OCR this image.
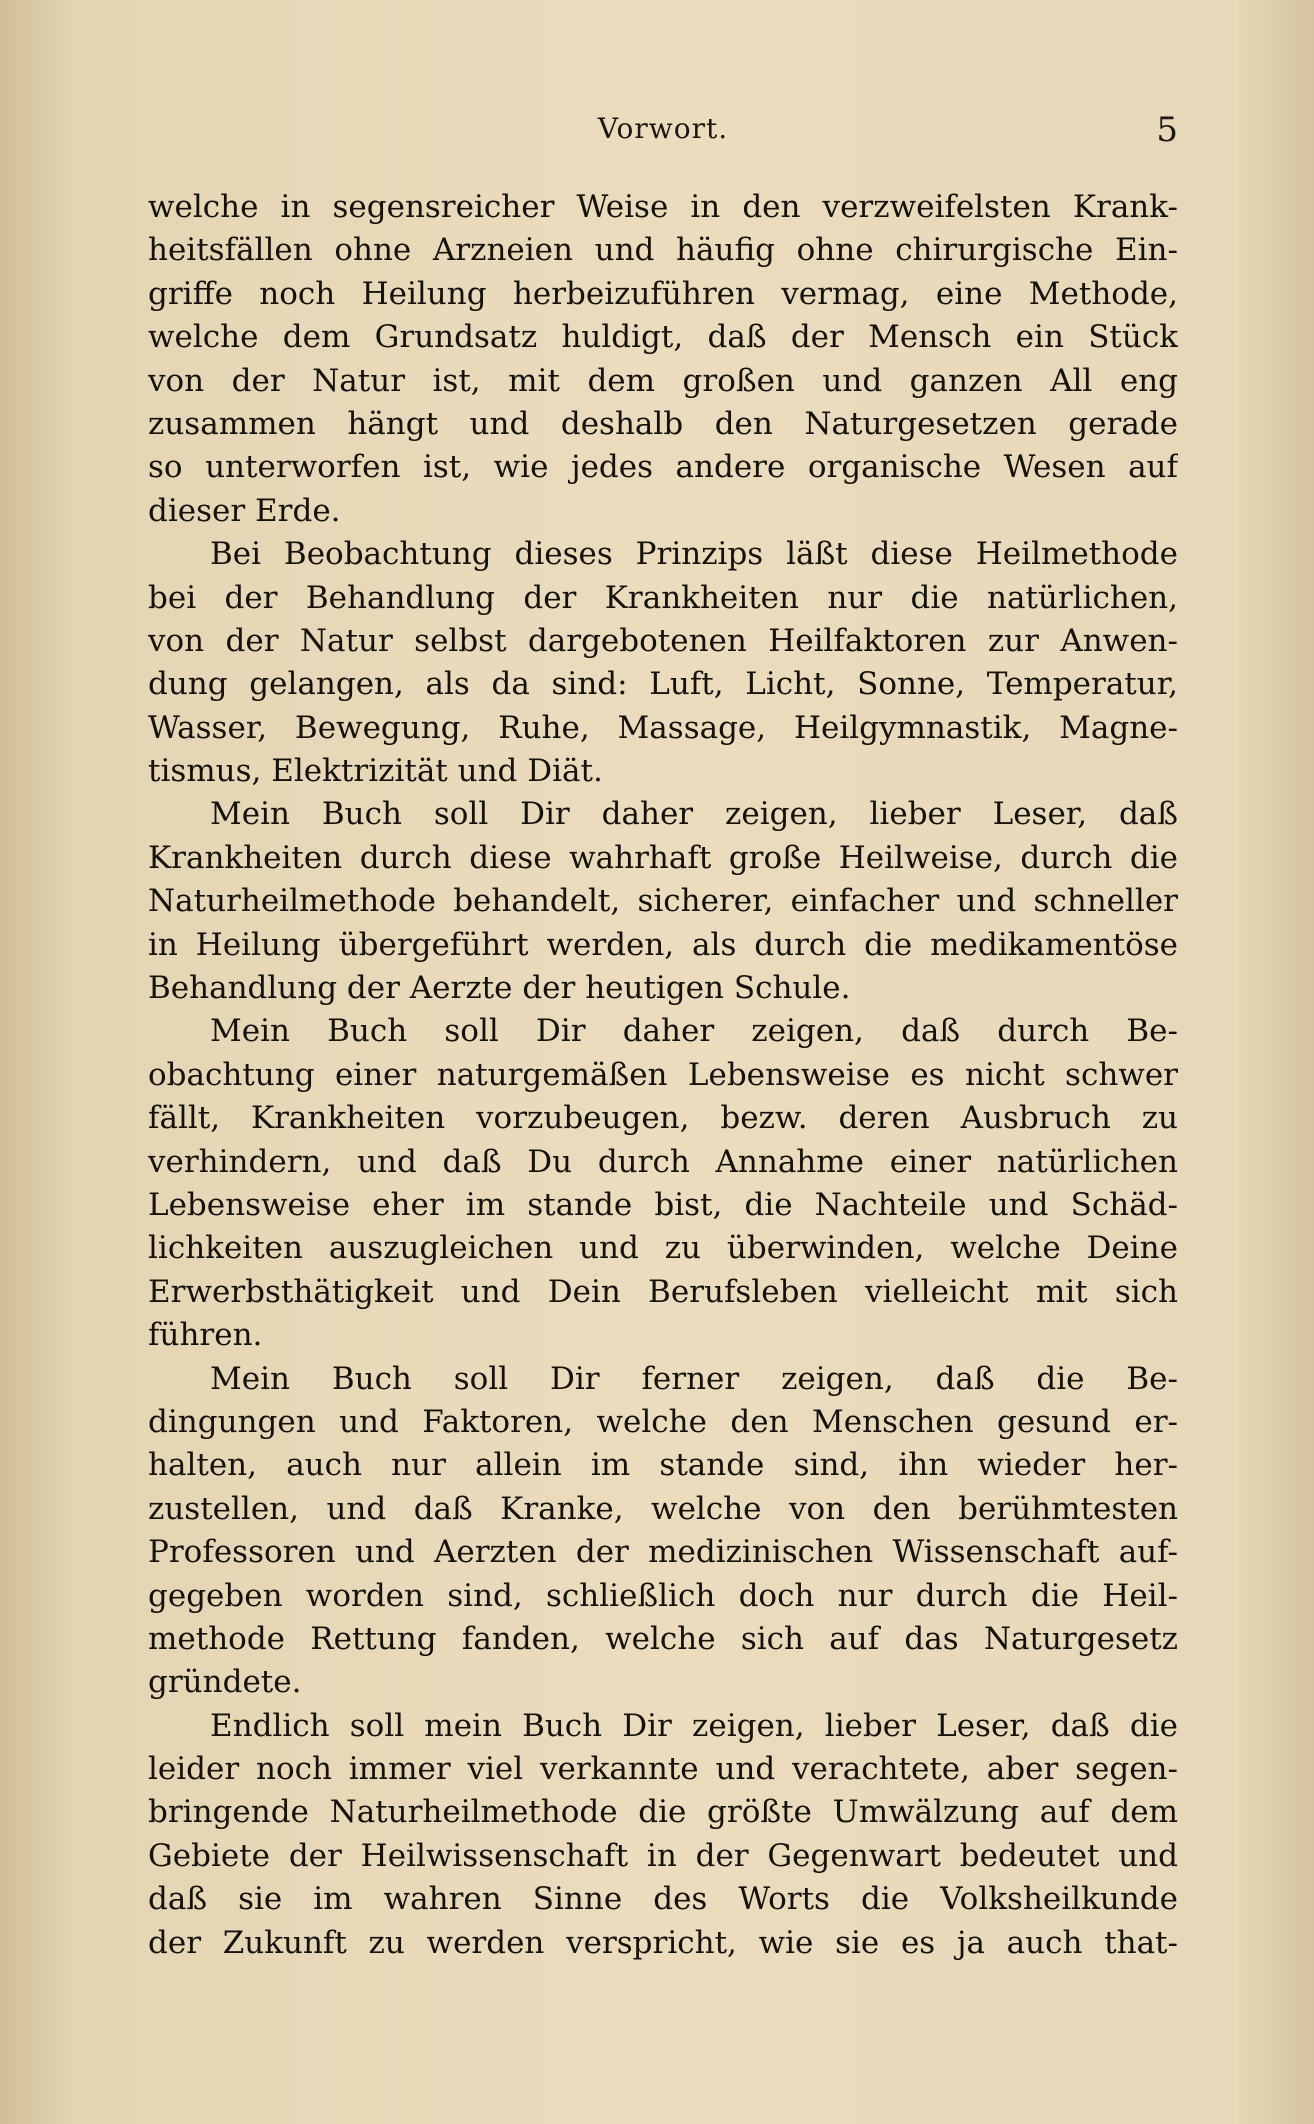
Vorwort.	5
welche in segensreicher Weise in den verzweifelsten Krank-
heitsfällen ohne Arzneien und häufig ohne chirurgische Ein-
griffe noch Heilung herbeizuführen vermag, eine Methode,
welche dem Grundsatz huldigt, daß der Mensch ein Stück
von der Natur ist, mit dem großen und ganzen All eng
zusammen hängt und deshalb den Naturgesetzen gerade
so unterworfen ist, wie jedes andere organische Wesen auf
dieser Erde.
Bei Beobachtung dieses Prinzips läßt diese Heilmethode
bei der Behandlung der Krankheiten nur die natürlichen,
von der Natur selbst dargebotenen Heilfaktoren zur Anwen-
dung gelangen, als da sind: Luft, Licht, Sonne, Temperatur,
Wasser, Bewegung, Ruhe, Massage, Heilgymnastik, Magne-
tismus, Elektrizität und Diät.
Mein Buch soll Dir daher zeigen, lieber Leser, daß
Krankheiten durch diese wahrhaft große Heilweise, durch die
Naturheilmethode behandelt, sicherer, einfacher und schneller
in Heilung übergeführt werden, als durch die medikamentöse
Behandlung der Aerzte der heutigen Schule.
Mein Buch soll Dir daher zeigen, daß durch Be-
obachtung einer naturgemäßen Lebensweise es nicht schwer
fällt, Krankheiten vorzubeugen, bezw. deren Ausbruch zu
verhindern, und daß Du durch Annahme einer natürlichen
Lebensweise eher im stande bist, die Nachteile und Schäd-
lichkeiten auszugleichen und zu überwinden, welche Deine
Erwerbsthätigkeit und Dein Berufsleben vielleicht mit sich
führen.
Mein Buch soll Dir ferner zeigen, daß die Be-
dingungen und Faktoren, welche den Menschen gesund er-
halten, auch nur allein im stande sind, ihn wieder her-
zustellen, und daß Kranke, welche von den berühmtesten
Professoren und Aerzten der medizinischen Wissenschaft auf-
gegeben worden sind, schließlich doch nur durch die Heil-
methode Rettung fanden, welche sich auf das Naturgesetz
gründete.
Endlich soll mein Buch Dir zeigen, lieber Leser, daß die
leider noch immer viel verkannte und verachtete, aber segen-
bringende Naturheilmethode die größte Umwälzung auf dem
Gebiete der Heilwissenschaft in der Gegenwart bedeutet und
daß sie im wahren Sinne des Worts die Volksheilkunde
der Zukunft zu werden verspricht, wie sie es ja auch that-
